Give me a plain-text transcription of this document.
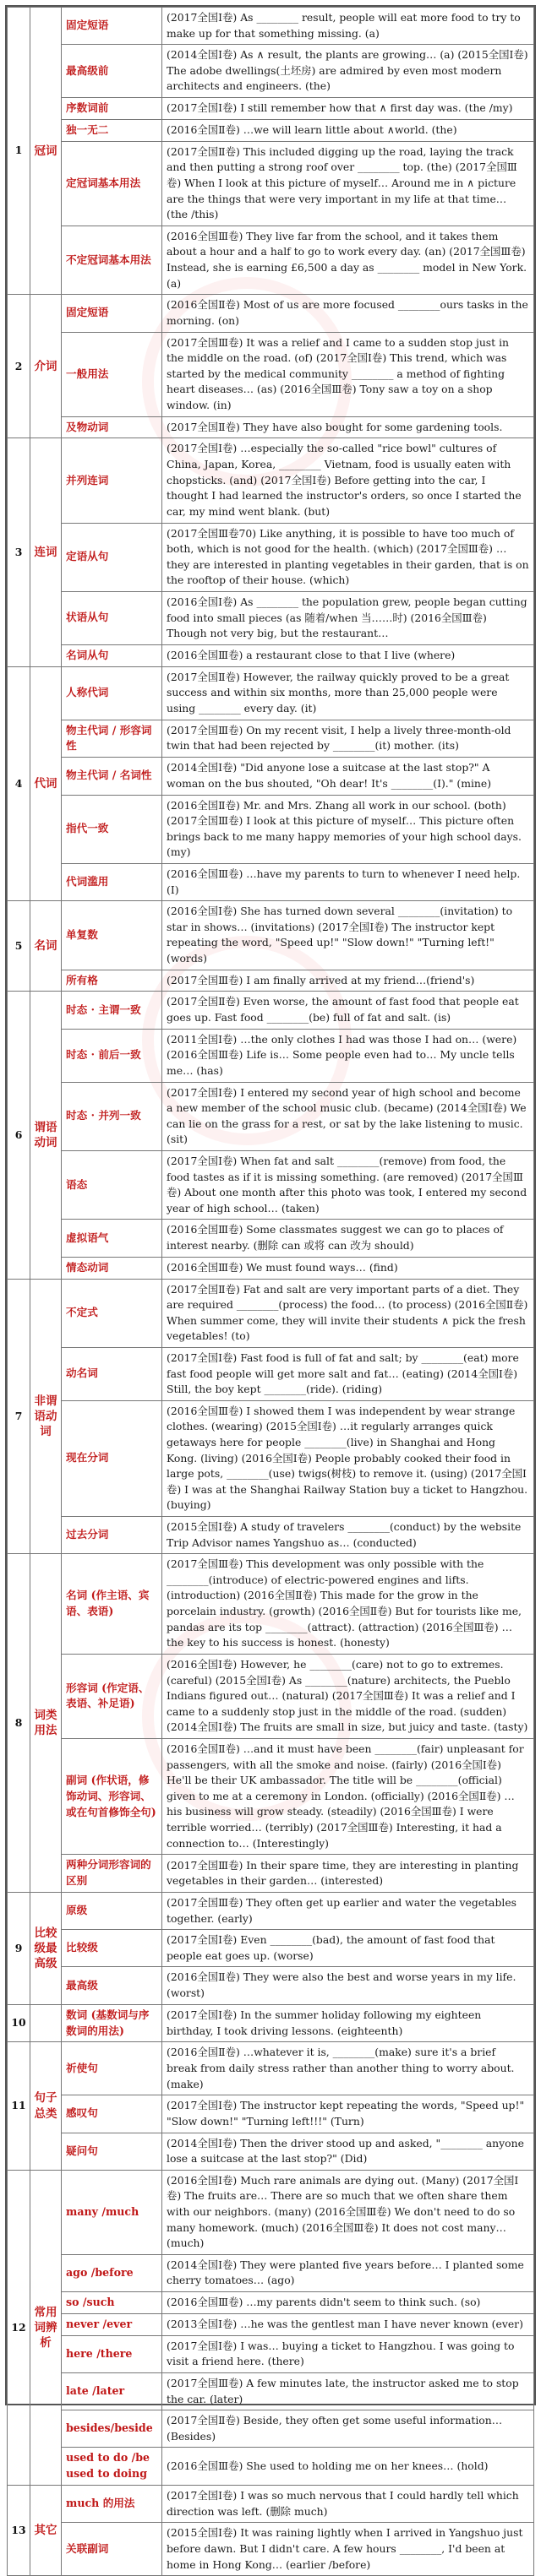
1	冠词	固定短语	(2017全国Ⅰ卷) As ________ result, people will eat more food to try to make up for that something missing. (a)
		最高级前	(2014全国Ⅰ卷) As ∧ result, the plants are growing… (a) (2015全国Ⅰ卷) The adobe dwellings(土坯房) are admired by even most modern architects and engineers. (the)
		序数词前	(2017全国Ⅰ卷) I still remember how that ∧ first day was. (the /my)
		独一无二	(2016全国Ⅱ卷) …we will learn little about ∧world. (the)
		定冠词基本用法	(2017全国Ⅱ卷) This included digging up the road, laying the track and then putting a strong roof over ________ top. (the) (2017全国Ⅲ卷) When I look at this picture of myself… Around me in ∧ picture are the things that were very important in my life at that time… (the /this)
		不定冠词基本用法	(2016全国Ⅲ卷) They live far from the school, and it takes them about a hour and a half to go to work every day. (an) (2017全国Ⅲ卷) Instead, she is earning £6,500 a day as ________ model in New York. (a)
2	介词	固定短语	(2016全国Ⅱ卷) Most of us are more focused ________ours tasks in the morning. (on)
		一般用法	(2017全国Ⅲ卷) It was a relief and I came to a sudden stop just in the middle on the road. (of) (2017全国Ⅰ卷) This trend, which was started by the medical community ________ a method of fighting heart diseases… (as) (2016全国Ⅲ卷) Tony saw a toy on a shop window. (in)
		及物动词	(2017全国Ⅱ卷) They have also bought for some gardening tools.
3	连词	并列连词	(2017全国Ⅰ卷) …especially the so-called "rice bowl" cultures of China, Japan, Korea, ________ Vietnam, food is usually eaten with chopsticks. (and) (2017全国Ⅰ卷) Before getting into the car, I thought I had learned the instructor's orders, so once I started the car, my mind went blank. (but)
		定语从句	(2017全国Ⅲ卷70) Like anything, it is possible to have too much of both, which is not good for the health. (which) (2017全国Ⅲ卷) …they are interested in planting vegetables in their garden, that is on the rooftop of their house. (which)
		状语从句	(2016全国Ⅰ卷) As ________ the population grew, people began cutting food into small pieces (as 随着/when 当……时) (2016全国Ⅲ卷) Though not very big, but the restaurant…
		名词从句	(2016全国Ⅲ卷) a restaurant close to that I live (where)
4	代词	人称代词	(2017全国Ⅱ卷) However, the railway quickly proved to be a great success and within six months, more than 25,000 people were using ________ every day. (it)
		物主代词 / 形容词性	(2017全国Ⅲ卷) On my recent visit, I help a lively three-month-old twin that had been rejected by ________(it) mother. (its)
		物主代词 / 名词性	(2014全国Ⅰ卷) "Did anyone lose a suitcase at the last stop?" A woman on the bus shouted, "Oh dear! It's ________(I)." (mine)
		指代一致	(2016全国Ⅱ卷) Mr. and Mrs. Zhang all work in our school. (both) (2017全国Ⅲ卷) I look at this picture of myself… This picture often brings back to me many happy memories of your high school days. (my)
		代词滥用	(2016全国Ⅲ卷) …have my parents to turn to whenever I need help. (I)
5	名词	单复数	(2016全国Ⅰ卷) She has turned down several ________(invitation) to star in shows… (invitations) (2017全国Ⅰ卷) The instructor kept repeating the word, "Speed up!" "Slow down!" "Turning left!" (words)
		所有格	(2017全国Ⅲ卷) I am finally arrived at my friend…(friend's)
6	谓语动词	时态 · 主谓一致	(2017全国Ⅱ卷) Even worse, the amount of fast food that people eat goes up. Fast food ________(be) full of fat and salt. (is)
		时态 · 前后一致	(2011全国Ⅰ卷) …the only clothes I had was those I had on… (were) (2016全国Ⅲ卷) Life is… Some people even had to… My uncle tells me… (has)
		时态 · 并列一致	(2017全国Ⅰ卷) I entered my second year of high school and become a new member of the school music club. (became) (2014全国Ⅰ卷) We can lie on the grass for a rest, or sat by the lake listening to music. (sit)
		语态	(2017全国Ⅰ卷) When fat and salt ________(remove) from food, the food tastes as if it is missing something. (are removed) (2017全国Ⅲ卷) About one month after this photo was took, I entered my second year of high school… (taken)
		虚拟语气	(2016全国Ⅲ卷) Some classmates suggest we can go to places of interest nearby. (删除 can 或将 can 改为 should)
		情态动词	(2016全国Ⅲ卷) We must found ways… (find)
7	非谓语动词	不定式	(2017全国Ⅱ卷) Fat and salt are very important parts of a diet. They are required ________(process) the food… (to process) (2016全国Ⅱ卷) When summer come, they will invite their students ∧ pick the fresh vegetables! (to)
		动名词	(2017全国Ⅰ卷) Fast food is full of fat and salt; by ________(eat) more fast food people will get more salt and fat… (eating) (2014全国Ⅰ卷) Still, the boy kept ________(ride). (riding)
		现在分词	(2016全国Ⅲ卷) I showed them I was independent by wear strange clothes. (wearing) (2015全国Ⅰ卷) …it regularly arranges quick getaways here for people ________(live) in Shanghai and Hong Kong. (living) (2016全国Ⅰ卷) People probably cooked their food in large pots, ________(use) twigs(树枝) to remove it. (using) (2017全国Ⅰ卷) I was at the Shanghai Railway Station buy a ticket to Hangzhou. (buying)
		过去分词	(2015全国Ⅰ卷) A study of travelers ________(conduct) by the website Trip Advisor names Yangshuo as… (conducted)
8	词类用法	名词 (作主语、宾语、表语)	(2017全国Ⅲ卷) This development was only possible with the ________(introduce) of electric-powered engines and lifts. (introduction) (2016全国Ⅱ卷) This made for the grow in the porcelain industry. (growth) (2016全国Ⅱ卷) But for tourists like me, pandas are its top ________(attract). (attraction) (2016全国Ⅲ卷) …the key to his success is honest. (honesty)
		形容词 (作定语、表语、补足语)	(2016全国Ⅰ卷) However, he ________(care) not to go to extremes. (careful) (2015全国Ⅰ卷) As ________(nature) architects, the Pueblo Indians figured out… (natural) (2017全国Ⅲ卷) It was a relief and I came to a suddenly stop just in the middle of the road. (sudden) (2014全国Ⅰ卷) The fruits are small in size, but juicy and taste. (tasty)
		副词 (作状语，修饰动词、形容词、或在句首修饰全句)	(2016全国Ⅱ卷) …and it must have been ________(fair) unpleasant for passengers, with all the smoke and noise. (fairly) (2016全国Ⅰ卷) He'll be their UK ambassador. The title will be ________(official) given to me at a ceremony in London. (officially) (2016全国Ⅱ卷) …his business will grow steady. (steadily) (2016全国Ⅲ卷) I were terrible worried… (terribly) (2017全国Ⅲ卷) Interesting, it had a connection to… (Interestingly)
		两种分词形容词的区别	(2017全国Ⅲ卷) In their spare time, they are interesting in planting vegetables in their garden… (interested)
9	比较级最高级	原级	(2017全国Ⅲ卷) They often get up earlier and water the vegetables together. (early)
		比较级	(2017全国Ⅰ卷) Even ________(bad), the amount of fast food that people eat goes up. (worse)
		最高级	(2016全国Ⅱ卷) They were also the best and worse years in my life. (worst)
10		数词 (基数词与序数词的用法)	(2017全国Ⅰ卷) In the summer holiday following my eighteen birthday, I took driving lessons. (eighteenth)
11	句子总类	祈使句	(2016全国Ⅱ卷) …whatever it is, ________(make) sure it's a brief break from daily stress rather than another thing to worry about. (make)
		感叹句	(2017全国Ⅰ卷) The instructor kept repeating the words, "Speed up!" "Slow down!" "Turning left!!!" (Turn)
		疑问句	(2014全国Ⅰ卷) Then the driver stood up and asked, "________ anyone lose a suitcase at the last stop?" (Did)
12	常用词辨析	many /much	(2016全国Ⅰ卷) Much rare animals are dying out. (Many) (2017全国Ⅰ卷) The fruits are… There are so much that we often share them with our neighbors. (many) (2016全国Ⅲ卷) We don't need to do so many homework. (much) (2016全国Ⅲ卷) It does not cost many… (much)
		ago /before	(2014全国Ⅰ卷) They were planted five years before… I planted some cherry tomatoes… (ago)
		so /such	(2016全国Ⅲ卷) …my parents didn't seem to think such. (so)
		never /ever	(2013全国Ⅰ卷) …he was the gentlest man I have never known (ever)
		here /there	(2017全国Ⅰ卷) I was… buying a ticket to Hangzhou. I was going to visit a friend here. (there)
		late /later	(2017全国Ⅲ卷) A few minutes late, the instructor asked me to stop the car. (later)
		besides/beside	(2017全国Ⅱ卷) Beside, they often get some useful information… (Besides)
		used to do /be used to doing	(2016全国Ⅲ卷) She used to holding me on her knees… (hold)
13	其它	much 的用法	(2017全国Ⅰ卷) I was so much nervous that I could hardly tell which direction was left. (删除 much)
		关联副词	(2015全国Ⅰ卷) It was raining lightly when I arrived in Yangshuo just before dawn. But I didn't care. A few hours ________, I'd been at home in Hong Kong… (earlier /before)
